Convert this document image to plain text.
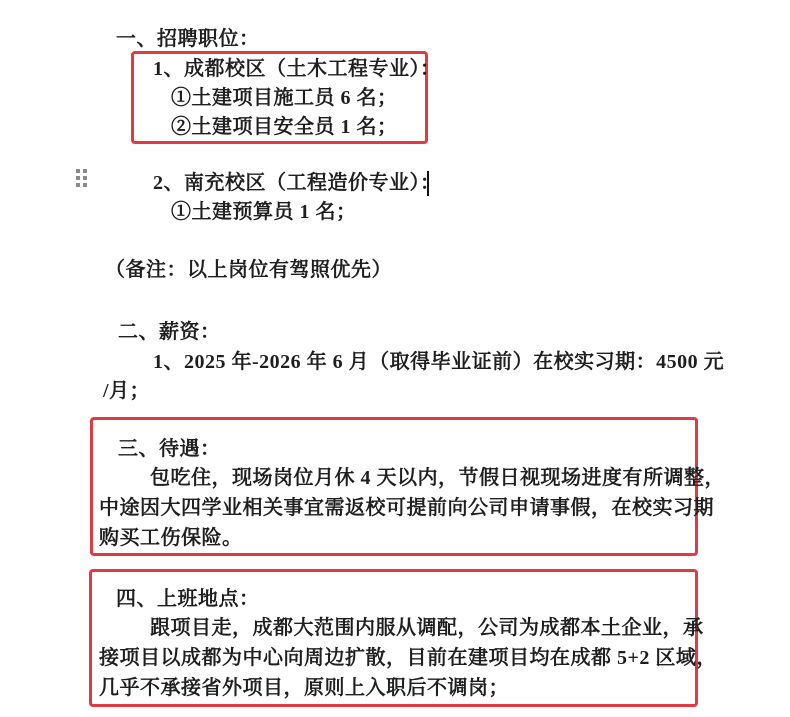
一、招聘职位：
1、成都校区（土木工程专业）：
①土建项目施工员 6 名；
②土建项目安全员 1 名；
2、南充校区（工程造价专业）：
①土建预算员 1 名；
（备注：以上岗位有驾照优先）
二、薪资：
1、2025 年-2026 年 6 月（取得毕业证前）在校实习期：4500 元
/月；
三、待遇：
包吃住，现场岗位月休 4 天以内，节假日视现场进度有所调整，
中途因大四学业相关事宜需返校可提前向公司申请事假，在校实习期
购买工伤保险。
四、上班地点：
跟项目走，成都大范围内服从调配，公司为成都本土企业，承
接项目以成都为中心向周边扩散，目前在建项目均在成都 5+2 区域，
几乎不承接省外项目，原则上入职后不调岗；
